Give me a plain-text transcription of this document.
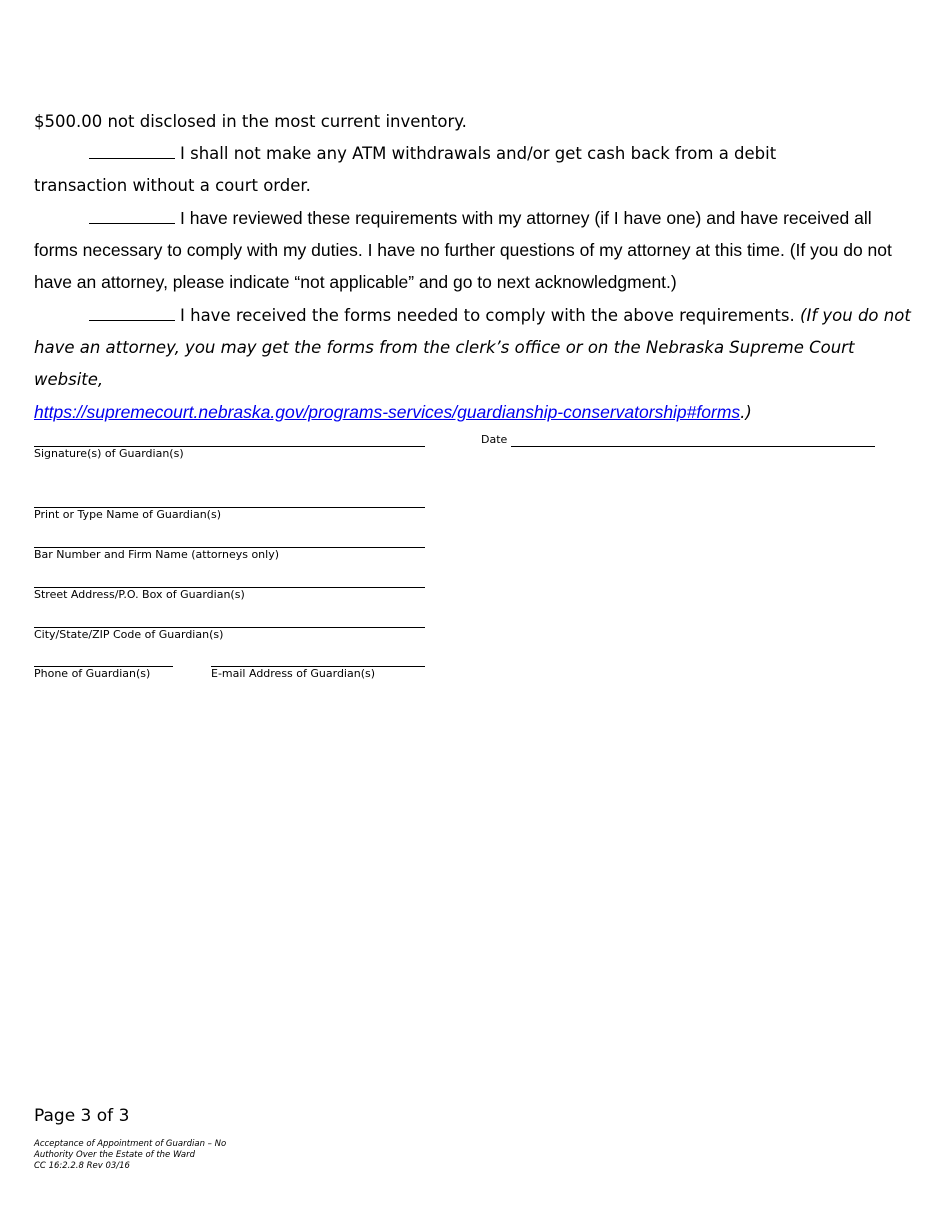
$500.00 not disclosed in the most current inventory.
I shall not make any ATM withdrawals and/or get cash back from a debit
transaction without a court order.
I have reviewed these requirements with my attorney (if I have one) and have received all forms necessary to comply with my duties. I have no further questions of my attorney at this time. (If you do not have an attorney, please indicate “not applicable” and go to next acknowledgment.)
I have received the forms needed to comply with the above requirements. (If you do not have an attorney, you may get the forms from the clerk’s office or on the Nebraska Supreme Court website,
https://supremecourt.nebraska.gov/programs-services/guardianship-conservatorship#forms.)
Signature(s) of Guardian(s)
Date
Print or Type Name of Guardian(s)
Bar Number and Firm Name (attorneys only)
Street Address/P.O. Box of Guardian(s)
City/State/ZIP Code of Guardian(s)
Phone of Guardian(s)	E-mail Address of Guardian(s)
Page 3 of 3
Acceptance of Appointment of Guardian – No
Authority Over the Estate of the Ward
CC 16:2.2.8 Rev 03/16
